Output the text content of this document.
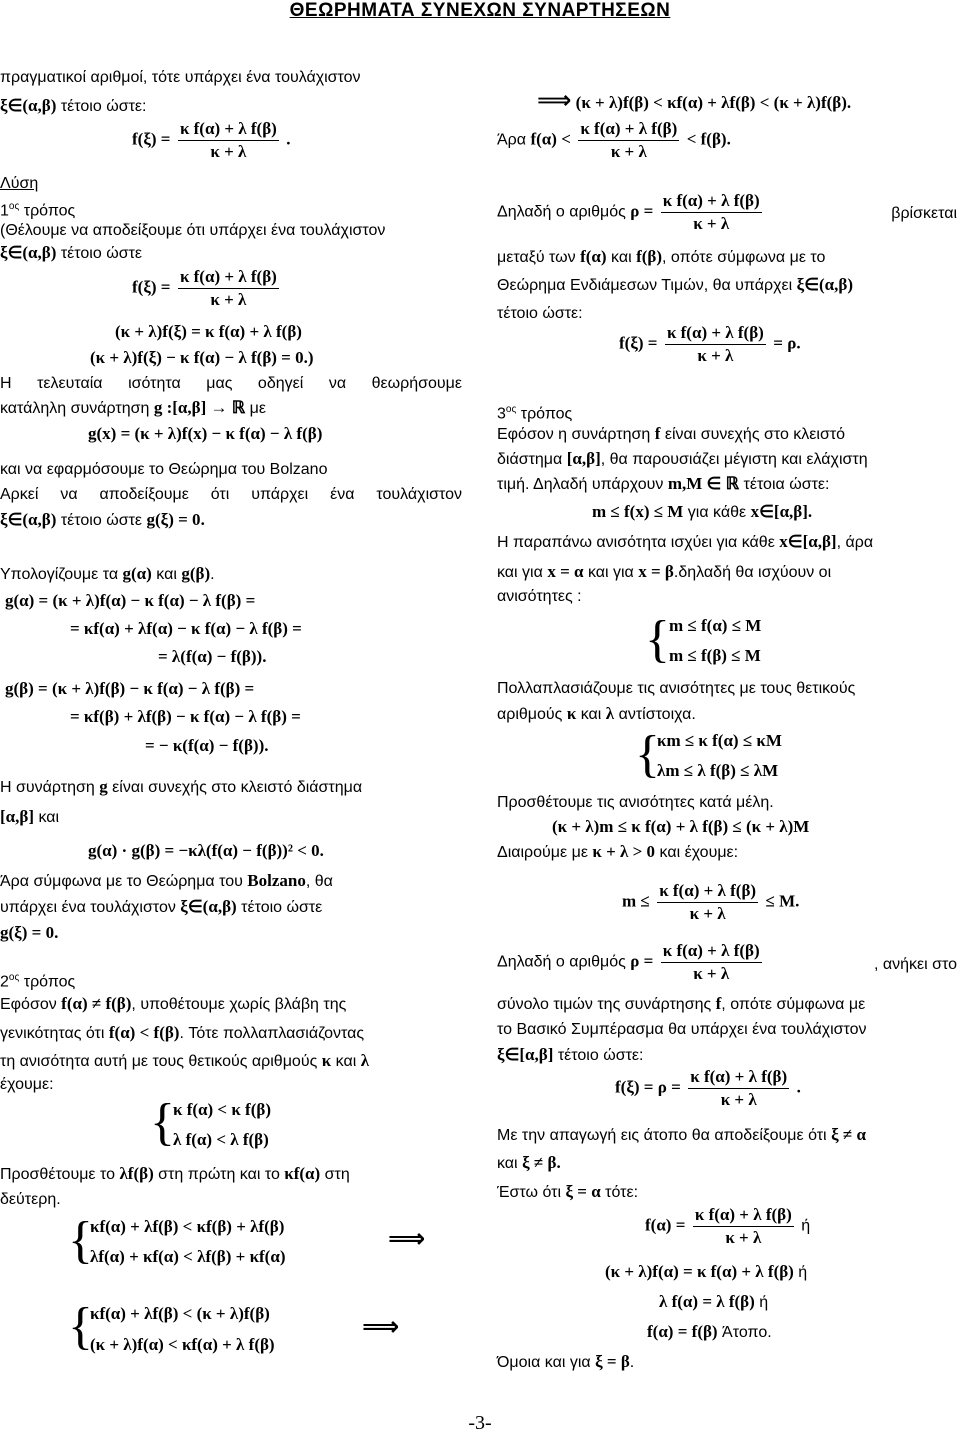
ΘΕΩΡΗΜΑΤΑ ΣΥΝΕΧΩΝ ΣΥΝΑΡΤΗΣΕΩΝ
πραγματικοί αριθμοί, τότε υπάρχει ένα τουλάχιστον
ξ∈(α,β) τέτοιο ώστε:
$f(\xi) = \frac{\text{κ f(α) + λ f(β)}}{\kappa + \lambda}$ .
Λύση
$1^{o\varsigma}$ τρόπος
(Θέλουμε να αποδείξουμε ότι υπάρχει ένα τουλάχιστον
ξ∈(α,β) τέτοιο ώστε
$f(\xi) = \frac{\text{κ f(α) + λ f(β)}}{\kappa + \lambda}$
(κ + λ)f(ξ) = κ f(α) + λ f(β)
(κ + λ)f(ξ) − κ f(α) − λ f(β) = 0.)
Η τελευταία ισότητα μας οδηγεί να θεωρήσουμε
κατάληλη συνάρτηση g :[α,β] → ℝ με
g(x) = (κ + λ)f(x) − κ f(α) − λ f(β)
και να εφαρμόσουμε το Θεώρημα του Bolzano
Αρκεί να αποδείξουμε ότι υπάρχει ένα τουλάχιστον
ξ∈(α,β) τέτοιο ώστε g(ξ) = 0.
Υπολογίζουμε τα g(α) και g(β).
g(α) = (κ + λ)f(α) − κ f(α) − λ f(β) =
= κf(α) + λf(α) − κ f(α) − λ f(β) =
= λ(f(α) − f(β)).
g(β) = (κ + λ)f(β) − κ f(α) − λ f(β) =
= κf(β) + λf(β) − κ f(α) − λ f(β) =
= − κ(f(α) − f(β)).
Η συνάρτηση g είναι συνεχής στο κλειστό διάστημα
[α,β] και
g(α) · g(β) = −κλ(f(α) − f(β))² < 0.
Άρα σύμφωνα με το Θεώρημα του Bolzano, θα
υπάρχει ένα τουλάχιστον ξ∈(α,β) τέτοιο ώστε
g(ξ) = 0.
$2^{o\varsigma}$ τρόπος
Εφόσον f(α) ≠ f(β), υποθέτουμε χωρίς βλάβη της
γενικότητας ότι f(α) < f(β). Τότε πολλαπλασιάζοντας
τη ανισότητα αυτή με τους θετικούς αριθμούς κ και λ
έχουμε:
{
κ f(α) < κ f(β)
λ f(α) < λ f(β)
Προσθέτουμε το λf(β) στη πρώτη και το κf(α) στη
δεύτερη.
{
κf(α) + λf(β) < κf(β) + λf(β)
λf(α) + κf(α) < λf(β) + κf(α)
⟹
{
κf(α) + λf(β) < (κ + λ)f(β)
(κ + λ)f(α) < κf(α) + λ f(β)
⟹
⟹ (κ + λ)f(β) < κf(α) + λf(β) < (κ + λ)f(β).
Άρα $f(\alpha) < \frac{\text{κ f(α) + λ f(β)}}{\kappa + \lambda} < f(\beta)$.
Δηλαδή ο αριθμός $\rho = \frac{\text{κ f(α) + λ f(β)}}{\kappa + \lambda}$	βρίσκεται
μεταξύ των f(α) και f(β), οπότε σύμφωνα με το
Θεώρημα Ενδιάμεσων Τιμών, θα υπάρχει ξ∈(α,β)
τέτοιο ώστε:
$f(\xi) = \frac{\text{κ f(α) + λ f(β)}}{\kappa + \lambda} = \rho$.
$3^{o\varsigma}$ τρόπος
Εφόσον η συνάρτηση f είναι συνεχής στο κλειστό
διάστημα [α,β], θα παρουσιάζει μέγιστη και ελάχιστη
τιμή. Δηλαδή υπάρχουν m,M ∈ ℝ τέτοια ώστε:
m ≤ f(x) ≤ M για κάθε x∈[α,β].
Η παραπάνω ανισότητα ισχύει για κάθε x∈[α,β], άρα
και για x = α και για x = β.δηλαδή θα ισχύουν οι
ανισότητες :
{ m ≤ f(α) ≤ M
m ≤ f(β) ≤ M
Πολλαπλασιάζουμε τις ανισότητες με τους θετικούς
αριθμούς κ και λ αντίστοιχα.
{
κm ≤ κ f(α) ≤ κM
λm ≤ λ f(β) ≤ λM
Προσθέτουμε τις ανισότητες κατά μέλη.
(κ + λ)m ≤ κ f(α) + λ f(β) ≤ (κ + λ)M
Διαιρούμε με κ + λ > 0 και έχουμε:
$m \le \frac{\text{κ f(α) + λ f(β)}}{\kappa + \lambda} \le M$.
Δηλαδή ο αριθμός $\rho = \frac{\text{κ f(α) + λ f(β)}}{\kappa + \lambda}$	, ανήκει στο
σύνολο τιμών της συνάρτησης f, οπότε σύμφωνα με
το Βασικό Συμπέρασμα θα υπάρχει ένα τουλάχιστον
ξ∈[α,β] τέτοιο ώστε:
$f(\xi) = \rho = \frac{\text{κ f(α) + λ f(β)}}{\kappa + \lambda}$ .
Με την απαγωγή εις άτοπο θα αποδείξουμε ότι ξ ≠ α
και ξ ≠ β.
Έστω ότι ξ = α τότε:
$f(\alpha) = \frac{\text{κ f(α) + λ f(β)}}{\kappa + \lambda}$ ή
(κ + λ)f(α) = κ f(α) + λ f(β) ή
λ f(α) = λ f(β) ή
f(α) = f(β) Άτοπο.
Όμοια και για ξ = β.
-3-
